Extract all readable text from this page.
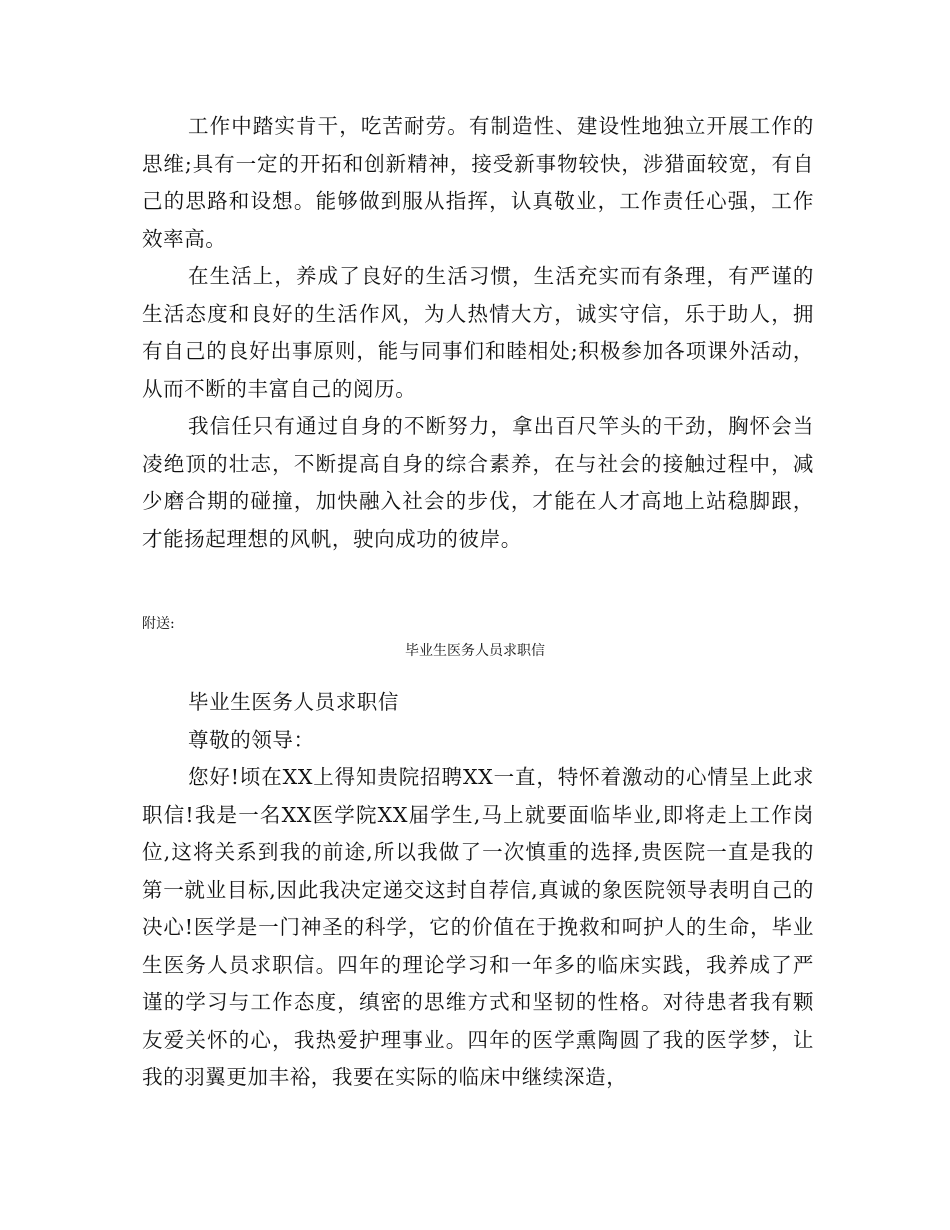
工作中踏实肯干，吃苦耐劳。有制造性、建设性地独立开展工作的思维;具有一定的开拓和创新精神，接受新事物较快，涉猎面较宽，有自己的思路和设想。能够做到服从指挥，认真敬业，工作责任心强，工作效率高。

在生活上，养成了良好的生活习惯，生活充实而有条理，有严谨的生活态度和良好的生活作风，为人热情大方，诚实守信，乐于助人，拥有自己的良好出事原则，能与同事们和睦相处;积极参加各项课外活动，从而不断的丰富自己的阅历。

我信任只有通过自身的不断努力，拿出百尺竿头的干劲，胸怀会当凌绝顶的壮志，不断提高自身的综合素养，在与社会的接触过程中，减少磨合期的碰撞，加快融入社会的步伐，才能在人才高地上站稳脚跟，才能扬起理想的风帆，驶向成功的彼岸。

附送:
毕业生医务人员求职信

毕业生医务人员求职信

尊敬的领导：

您好!顷在XX上得知贵院招聘XX一直，特怀着激动的心情呈上此求职信!我是一名XX医学院XX届学生,马上就要面临毕业,即将走上工作岗位,这将关系到我的前途,所以我做了一次慎重的选择,贵医院一直是我的第一就业目标,因此我决定递交这封自荐信,真诚的象医院领导表明自己的决心!医学是一门神圣的科学，它的价值在于挽救和呵护人的生命，毕业生医务人员求职信。四年的理论学习和一年多的临床实践，我养成了严谨的学习与工作态度，缜密的思维方式和坚韧的性格。对待患者我有颗友爱关怀的心，我热爱护理事业。四年的医学熏陶圆了我的医学梦，让我的羽翼更加丰裕，我要在实际的临床中继续深造，
